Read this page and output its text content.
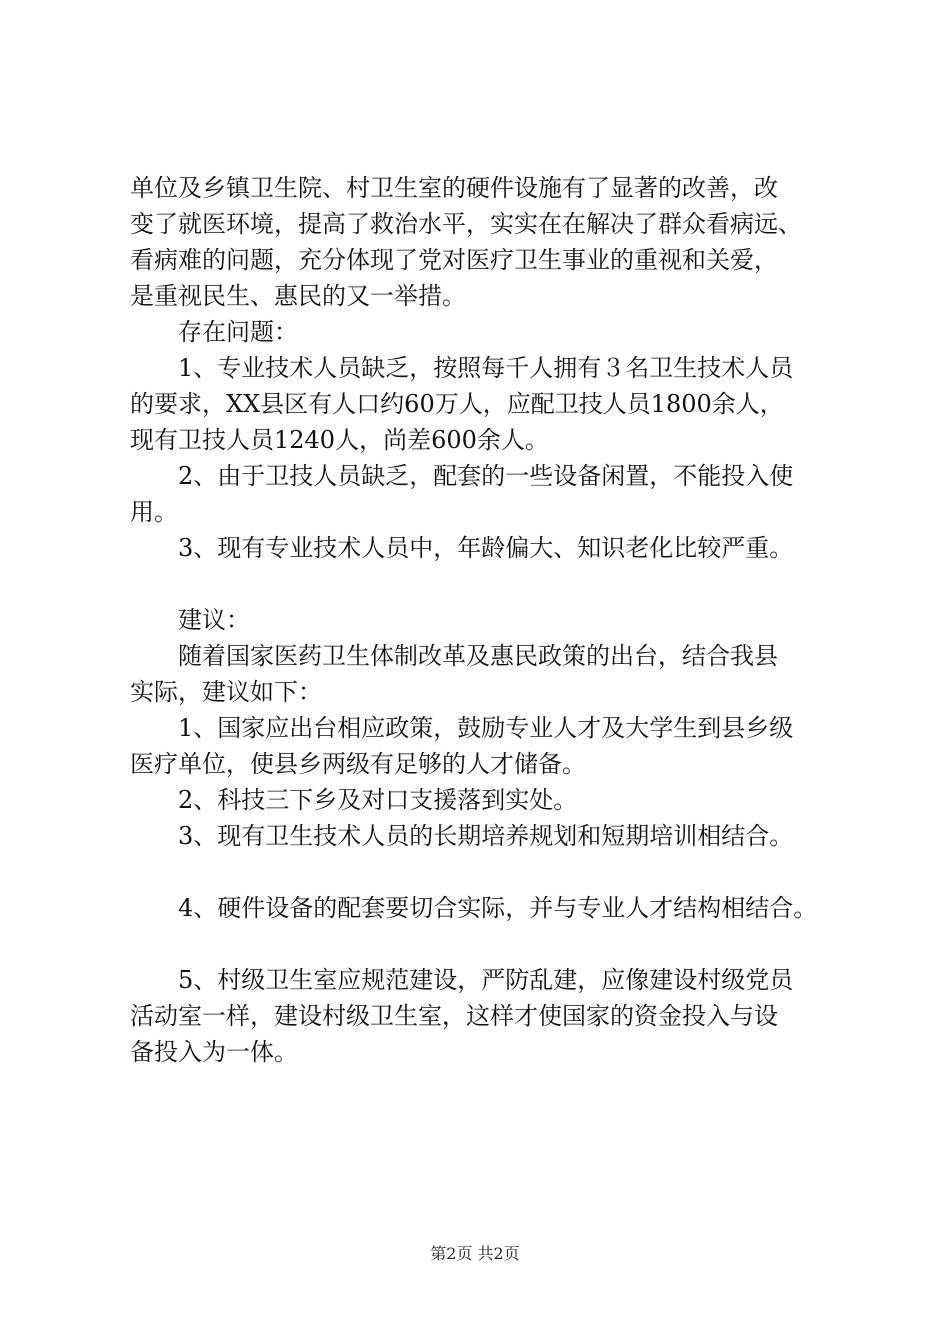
单位及乡镇卫生院、村卫生室的硬件设施有了显著的改善，改
变了就医环境，提高了救治水平，实实在在解决了群众看病远、
看病难的问题，充分体现了党对医疗卫生事业的重视和关爱，
是重视民生、惠民的又一举措。
存在问题：
1、专业技术人员缺乏，按照每千人拥有３名卫生技术人员
的要求，XX县区有人口约60万人，应配卫技人员1800余人，
现有卫技人员1240人，尚差600余人。
2、由于卫技人员缺乏，配套的一些设备闲置，不能投入使
用。
3、现有专业技术人员中，年龄偏大、知识老化比较严重。
建议：
随着国家医药卫生体制改革及惠民政策的出台，结合我县
实际，建议如下：
1、国家应出台相应政策，鼓励专业人才及大学生到县乡级
医疗单位，使县乡两级有足够的人才储备。
2、科技三下乡及对口支援落到实处。
3、现有卫生技术人员的长期培养规划和短期培训相结合。
4、硬件设备的配套要切合实际，并与专业人才结构相结合。
5、村级卫生室应规范建设，严防乱建，应像建设村级党员
活动室一样，建设村级卫生室，这样才使国家的资金投入与设
备投入为一体。
第2页 共2页
